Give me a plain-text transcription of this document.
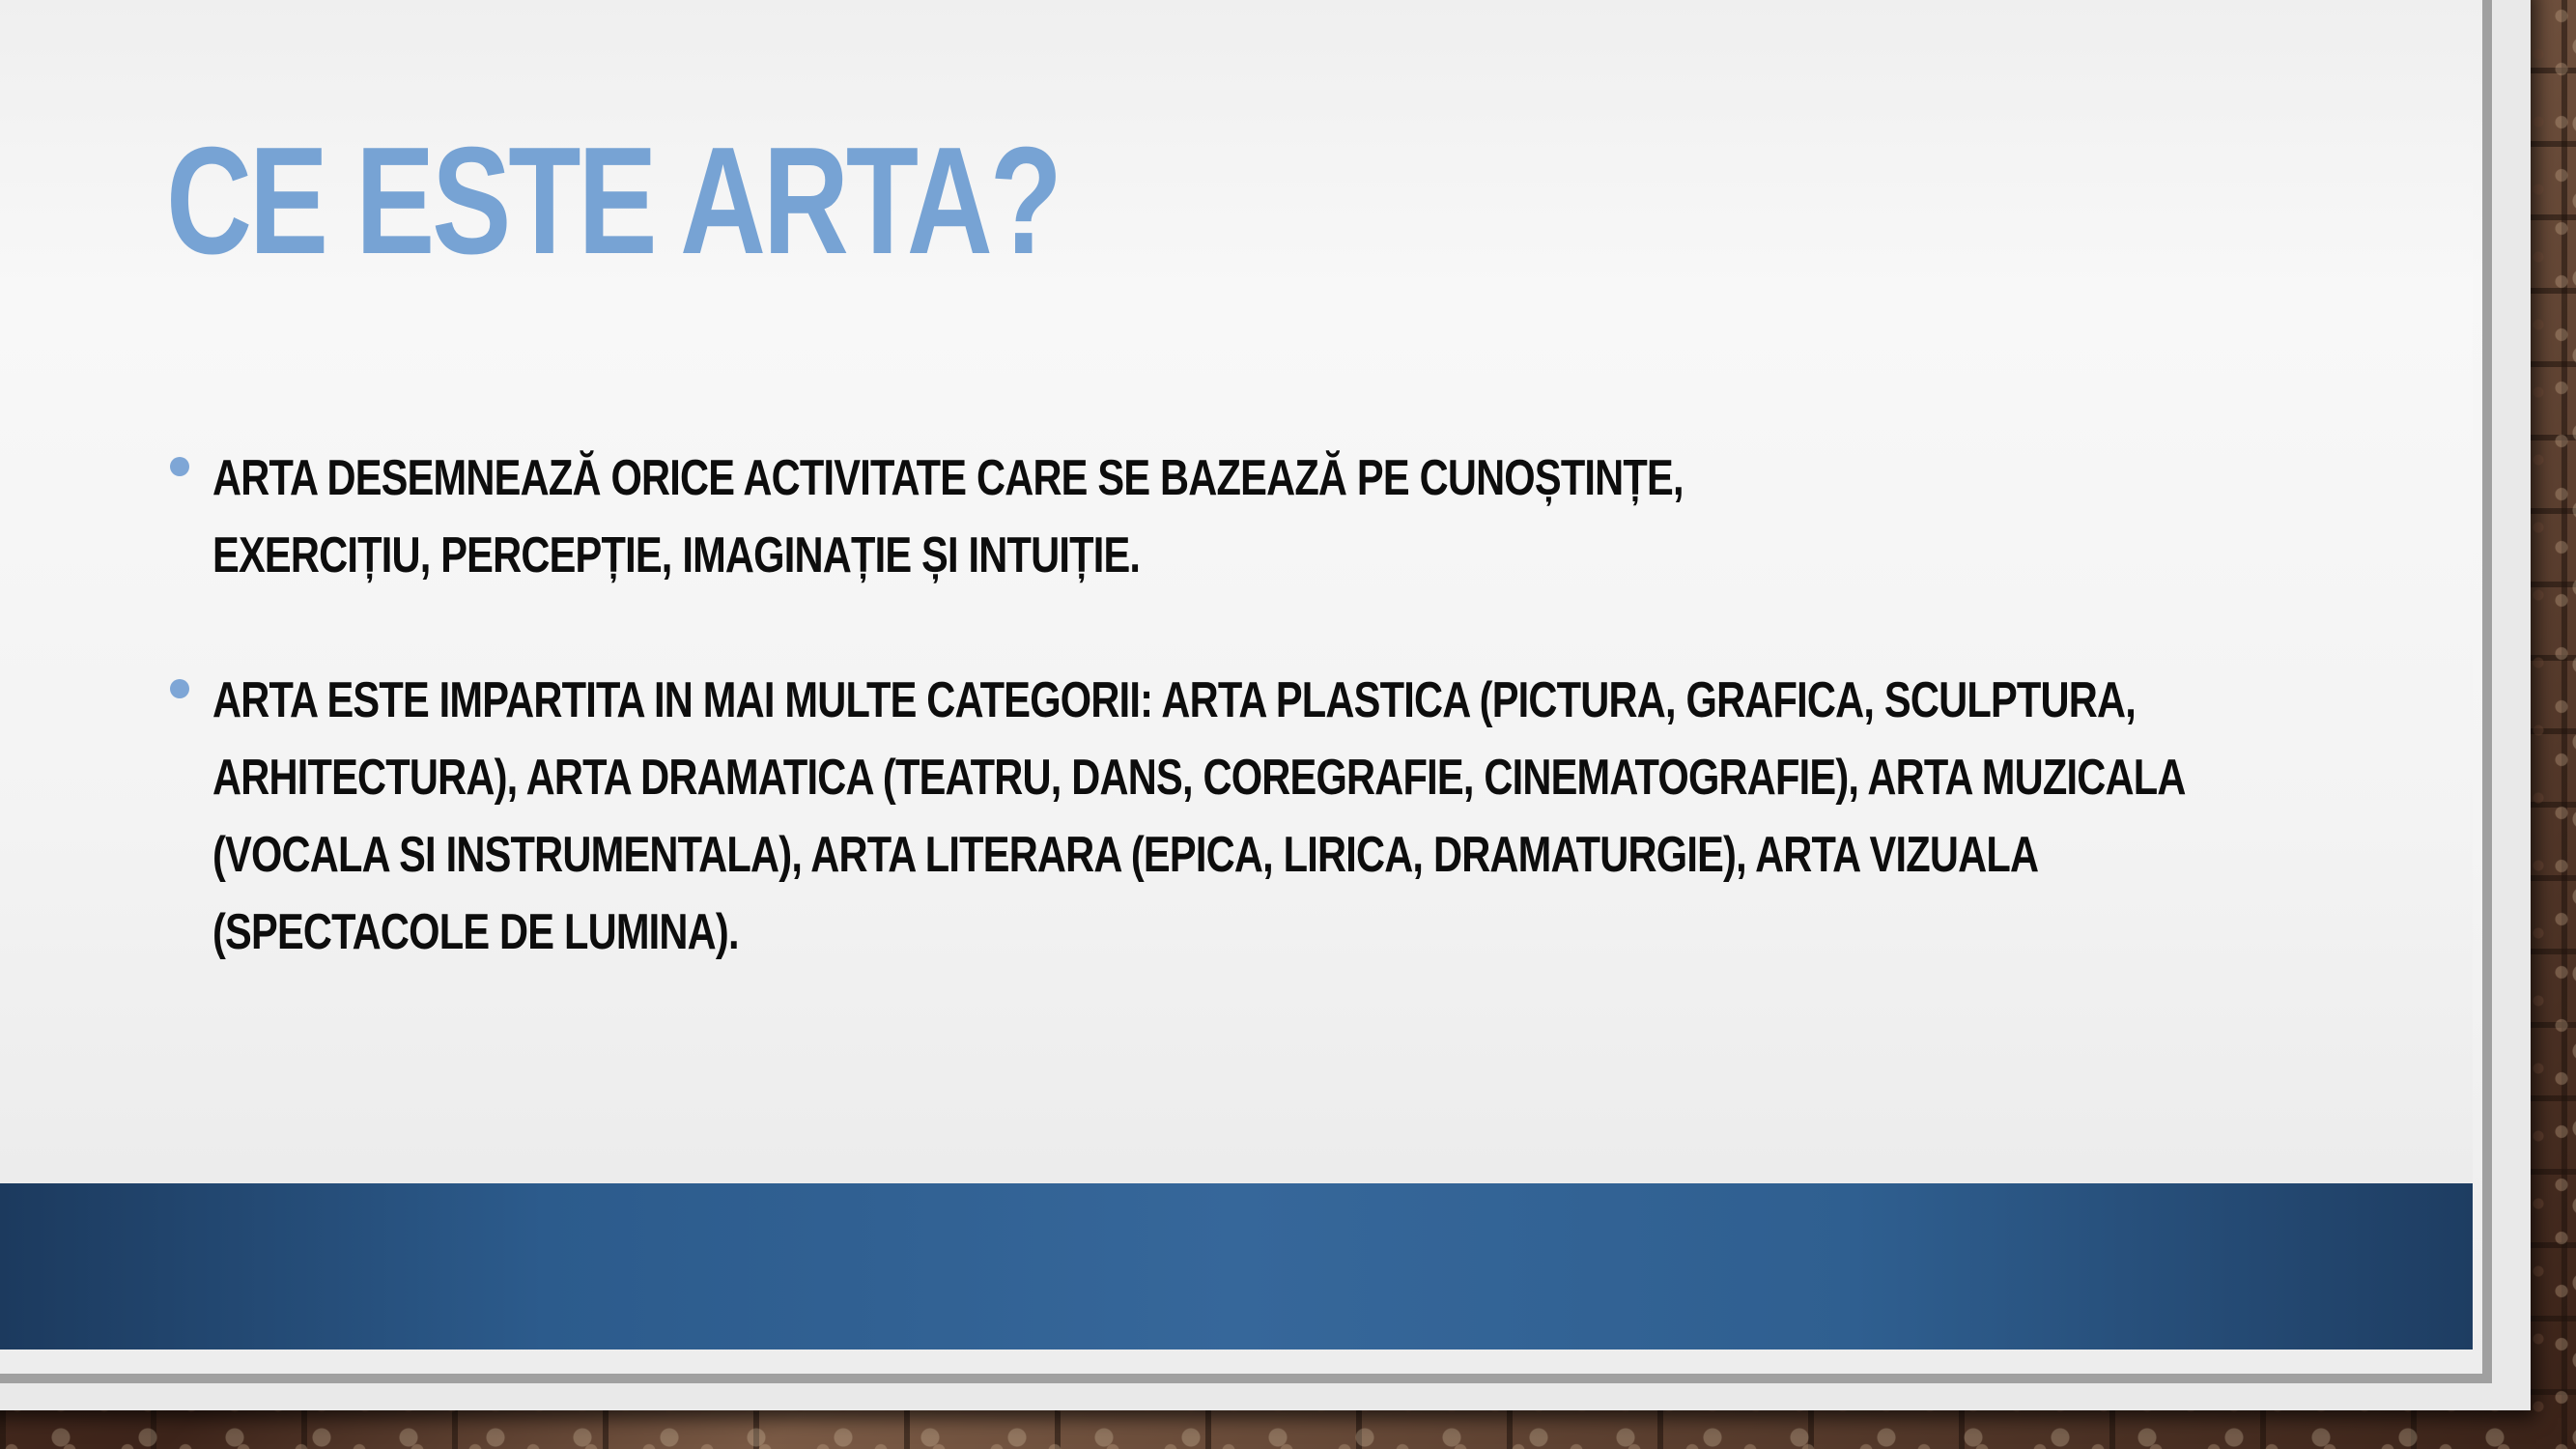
CE ESTE ARTA?
ARTA DESEMNEAZĂ ORICE ACTIVITATE CARE SE BAZEAZĂ PE CUNOȘTINȚE,
EXERCIȚIU, PERCEPȚIE, IMAGINAȚIE ȘI INTUIȚIE.
ARTA ESTE IMPARTITA IN MAI MULTE CATEGORII: ARTA PLASTICA (PICTURA, GRAFICA, SCULPTURA,
ARHITECTURA), ARTA DRAMATICA (TEATRU, DANS, COREGRAFIE, CINEMATOGRAFIE), ARTA MUZICALA
(VOCALA SI INSTRUMENTALA), ARTA LITERARA (EPICA, LIRICA, DRAMATURGIE), ARTA VIZUALA
(SPECTACOLE DE LUMINA).
